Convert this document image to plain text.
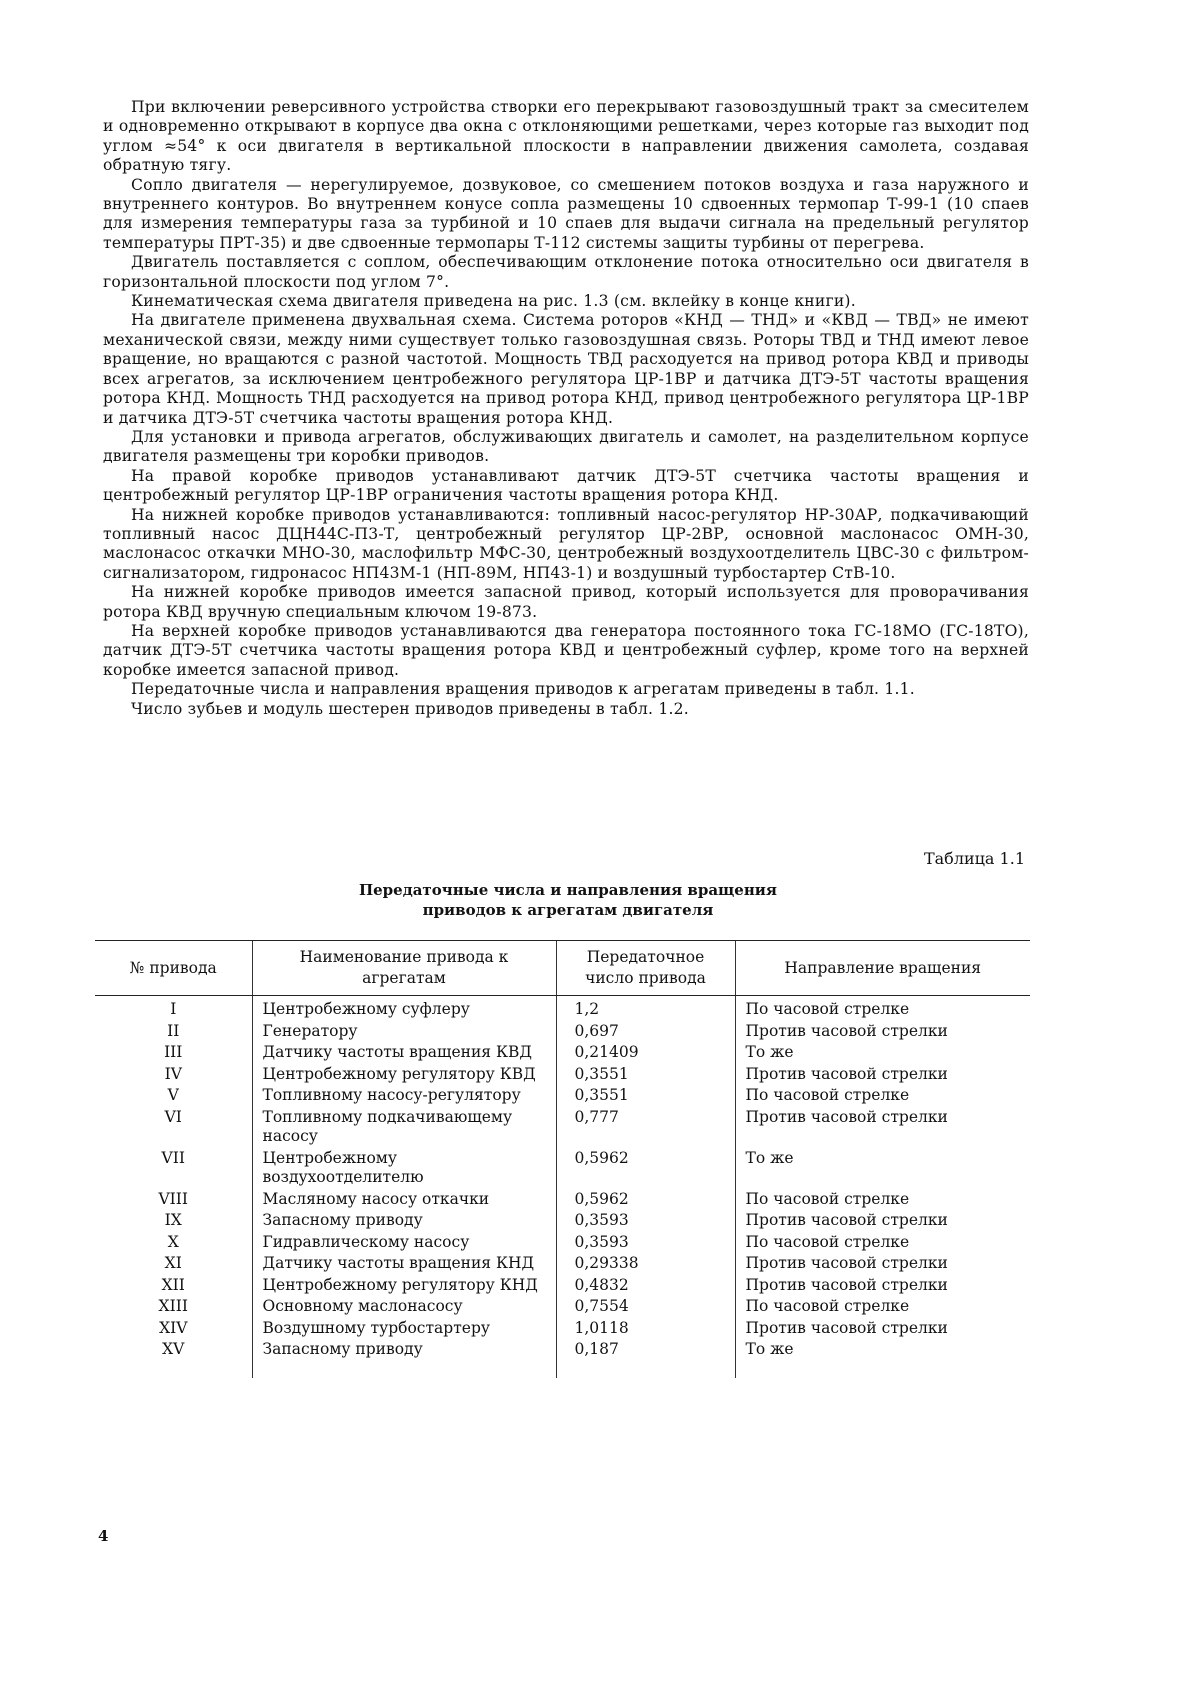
При включении реверсивного устройства створки его перекрывают газовоздушный тракт за смесителем и одновременно открывают в корпусе два окна с отклоняющими решетками, через которые газ выходит под углом ≈54° к оси двигателя в вертикальной плоскости в направлении движения самолета, создавая обратную тягу.

Сопло двигателя — нерегулируемое, дозвуковое, со смешением потоков воздуха и газа наружного и внутреннего контуров. Во внутреннем конусе сопла размещены 10 сдвоенных термопар Т-99-1 (10 спаев для измерения температуры газа за турбиной и 10 спаев для выдачи сигнала на предельный регулятор температуры ПРТ-35) и две сдвоенные термопары Т-112 системы защиты турбины от перегрева.

Двигатель поставляется с соплом, обеспечивающим отклонение потока относительно оси двигателя в горизонтальной плоскости под углом 7°.

Кинематическая схема двигателя приведена на рис. 1.3 (см. вклейку в конце книги).

На двигателе применена двухвальная схема. Система роторов «КНД — ТНД» и «КВД — ТВД» не имеют механической связи, между ними существует только газовоздушная связь. Роторы ТВД и ТНД имеют левое вращение, но вращаются с разной частотой. Мощность ТВД расходуется на привод ротора КВД и приводы всех агрегатов, за исключением центробежного регулятора ЦР-1ВР и датчика ДТЭ-5Т частоты вращения ротора КНД. Мощность ТНД расходуется на привод ротора КНД, привод центробежного регулятора ЦР-1ВР и датчика ДТЭ-5Т счетчика частоты вращения ротора КНД.

Для установки и привода агрегатов, обслуживающих двигатель и самолет, на разделительном корпусе двигателя размещены три коробки приводов.

На правой коробке приводов устанавливают датчик ДТЭ-5Т счетчика частоты вращения и центробежный регулятор ЦР-1ВР ограничения частоты вращения ротора КНД.

На нижней коробке приводов устанавливаются: топливный насос-регулятор НР-30АР, подкачивающий топливный насос ДЦН44С-П3-Т, центробежный регулятор ЦР-2ВР, основной маслонасос ОМН-30, маслонасос откачки МНО-30, маслофильтр МФС-30, центробежный воздухоотделитель ЦВС-30 с фильтром-сигнализатором, гидронасос НП43М-1 (НП-89М, НП43-1) и воздушный турбостартер СтВ-10.

На нижней коробке приводов имеется запасной привод, который используется для проворачивания ротора КВД вручную специальным ключом 19-873.

На верхней коробке приводов устанавливаются два генератора постоянного тока ГС-18МО (ГС-18ТО), датчик ДТЭ-5Т счетчика частоты вращения ротора КВД и центробежный суфлер, кроме того на верхней коробке имеется запасной привод.

Передаточные числа и направления вращения приводов к агрегатам приведены в табл. 1.1.

Число зубьев и модуль шестерен приводов приведены в табл. 1.2.

Таблица 1.1
Передаточные числа и направления вращения
приводов к агрегатам двигателя
№ привода	Наименование привода к агрегатам	Передаточное число привода	Направление вращения
I	Центробежному суфлеру	1,2	По часовой стрелке
II	Генератору	0,697	Против часовой стрелки
III	Датчику частоты вращения КВД	0,21409	То же
IV	Центробежному регулятору КВД	0,3551	Против часовой стрелки
V	Топливному насосу-регулятору	0,3551	По часовой стрелке
VI	Топливному подкачивающему насосу	0,777	Против часовой стрелки
VII	Центробежному воздухоотделителю	0,5962	То же
VIII	Масляному насосу откачки	0,5962	По часовой стрелке
IX	Запасному приводу	0,3593	Против часовой стрелки
X	Гидравлическому насосу	0,3593	По часовой стрелке
XI	Датчику частоты вращения КНД	0,29338	Против часовой стрелки
XII	Центробежному регулятору КНД	0,4832	Против часовой стрелки
XIII	Основному маслонасосу	0,7554	По часовой стрелке
XIV	Воздушному турбостартеру	1,0118	Против часовой стрелки
XV	Запасному приводу	0,187	То же
4
